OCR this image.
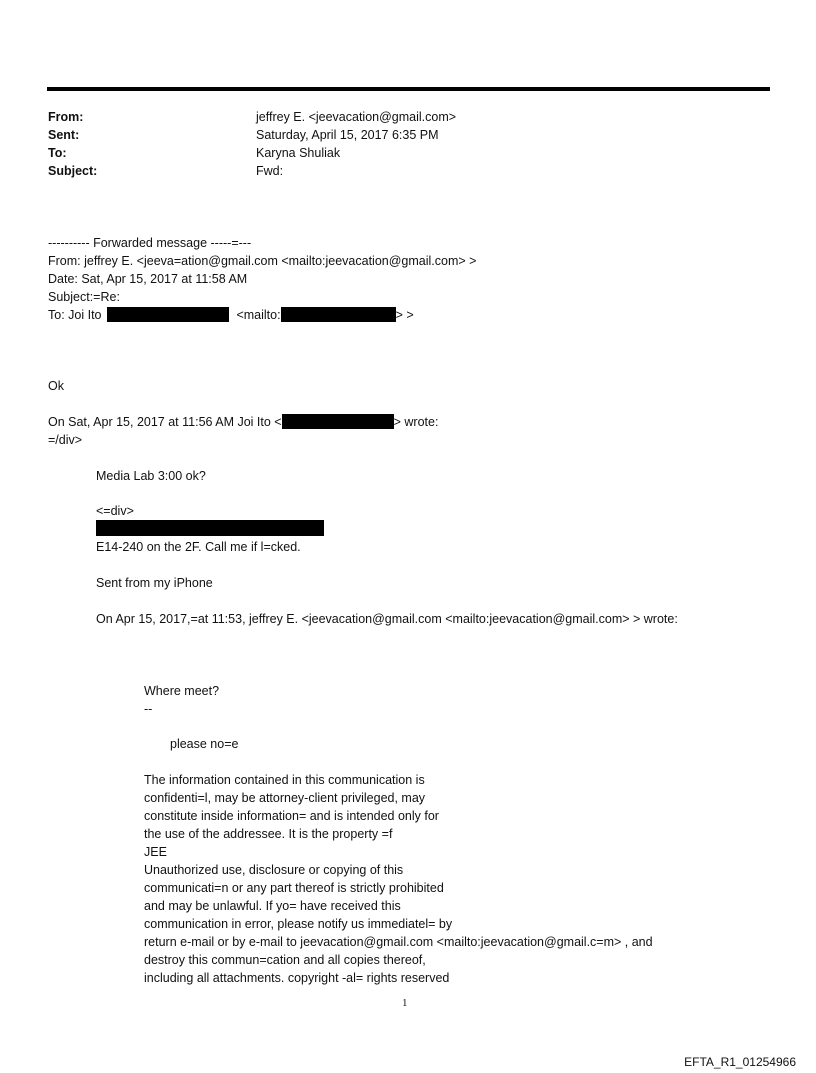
From:	jeffrey E. <jeevacation@gmail.com>
Sent:	Saturday, April 15, 2017 6:35 PM
To:	Karyna Shuliak
Subject:	Fwd:
---------- Forwarded message -----=---
From: jeffrey E. <jeeva=ation@gmail.com <mailto:jeevacation@gmail.com> >
Date: Sat, Apr 15, 2017 at 11:58 AM
Subject:=Re:
To: Joi Ito	<mailto:	> >
Ok
On Sat, Apr 15, 2017 at 11:56 AM Joi Ito <	> wrote:
=/div>
Media Lab 3:00 ok?
<=div>
E14-240 on the 2F. Call me if l=cked.
Sent from my iPhone
On Apr 15, 2017,=at 11:53, jeffrey E. <jeevacation@gmail.com <mailto:jeevacation@gmail.com> > wrote:
Where meet?
--
please no=e
The information contained in this communication is
confidenti=l, may be attorney-client privileged, may
constitute inside information= and is intended only for
the use of the addressee. It is the property =f
JEE
Unauthorized use, disclosure or copying of this
communicati=n or any part thereof is strictly prohibited
and may be unlawful. If yo= have received this
communication in error, please notify us immediatel= by
return e-mail or by e-mail to jeevacation@gmail.com <mailto:jeevacation@gmail.c=m> , and
destroy this commun=cation and all copies thereof,
including all attachments. copyright -al= rights reserved
1
EFTA_R1_01254966
